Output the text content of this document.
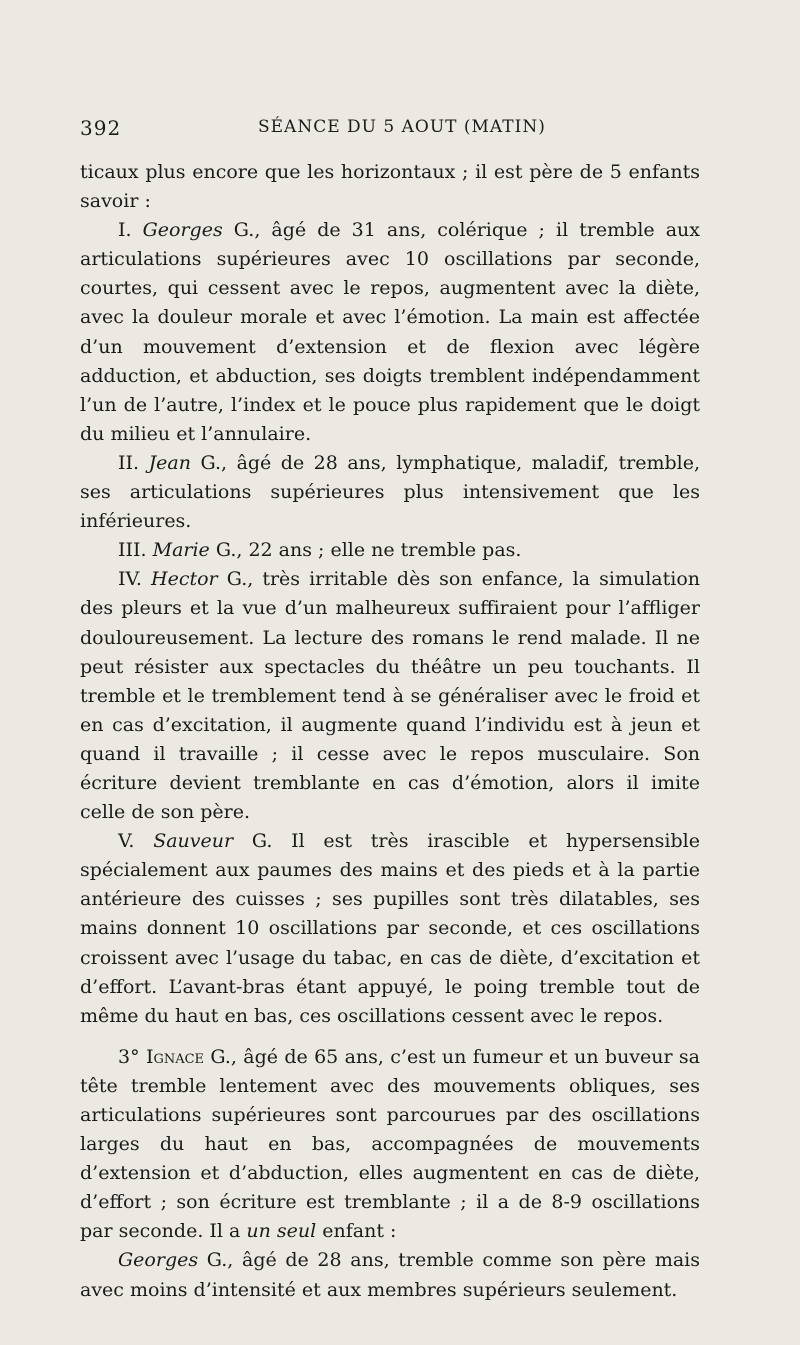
392	SÉANCE DU 5 AOUT (MATIN)

ticaux plus encore que les horizontaux ; il est père de 5 enfants savoir :

I. Georges G., âgé de 31 ans, colérique ; il tremble aux articulations supérieures avec 10 oscillations par seconde, courtes, qui cessent avec le repos, augmentent avec la diète, avec la douleur morale et avec l’émotion. La main est affectée d’un mouvement d’extension et de flexion avec légère adduction, et abduction, ses doigts tremblent indépendamment l’un de l’autre, l’index et le pouce plus rapidement que le doigt du milieu et l’annulaire.

II. Jean G., âgé de 28 ans, lymphatique, maladif, tremble, ses articulations supérieures plus intensivement que les inférieures.

III. Marie G., 22 ans ; elle ne tremble pas.

IV. Hector G., très irritable dès son enfance, la simulation des pleurs et la vue d’un malheureux suffiraient pour l’affliger douloureusement. La lecture des romans le rend malade. Il ne peut résister aux spectacles du théâtre un peu touchants. Il tremble et le tremblement tend à se généraliser avec le froid et en cas d’excitation, il augmente quand l’individu est à jeun et quand il travaille ; il cesse avec le repos musculaire. Son écriture devient tremblante en cas d’émotion, alors il imite celle de son père.

V. Sauveur G. Il est très irascible et hypersensible spécialement aux paumes des mains et des pieds et à la partie antérieure des cuisses ; ses pupilles sont très dilatables, ses mains donnent 10 oscillations par seconde, et ces oscillations croissent avec l’usage du tabac, en cas de diète, d’excitation et d’effort. L’avant-bras étant appuyé, le poing tremble tout de même du haut en bas, ces oscillations cessent avec le repos.

3° Ignace G., âgé de 65 ans, c’est un fumeur et un buveur sa tête tremble lentement avec des mouvements obliques, ses articulations supérieures sont parcourues par des oscillations larges du haut en bas, accompagnées de mouvements d’extension et d’abduction, elles augmentent en cas de diète, d’effort ; son écriture est tremblante ; il a de 8-9 oscillations par seconde. Il a un seul enfant :

Georges G., âgé de 28 ans, tremble comme son père mais avec moins d’intensité et aux membres supérieurs seulement.
